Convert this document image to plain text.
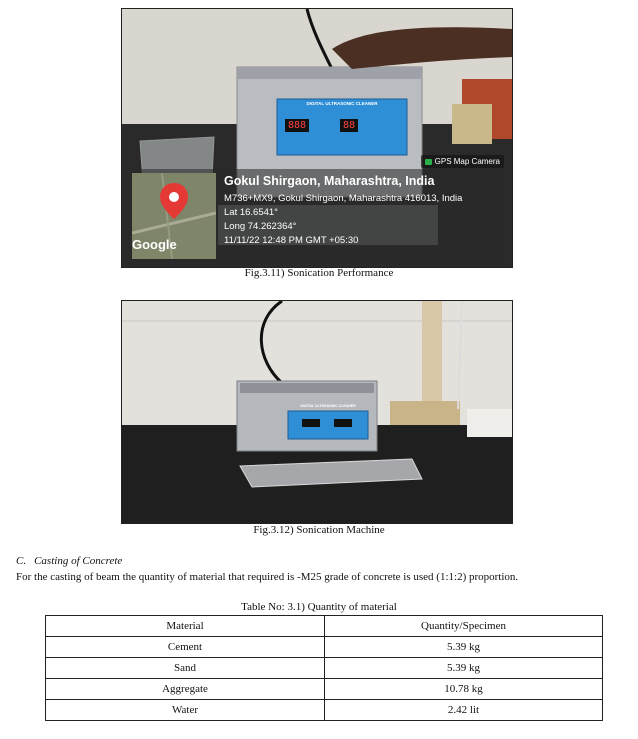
DIGITAL ULTRASONIC CLEANER
888	88
GPS Map Camera
Google
Gokul Shirgaon, Maharashtra, India
M736+MX9, Gokul Shirgaon, Maharashtra 416013, India
Lat 16.6541°
Long 74.262364°
11/11/22 12:48 PM GMT +05:30
Fig.3.11) Sonication Performance
DIGITAL ULTRASONIC CLEANER
Fig.3.12) Sonication Machine
C. Casting of Concrete
For the casting of beam the quantity of material that required is -M25 grade of concrete is used (1:1:2) proportion.
Table No: 3.1) Quantity of material
Material	Quantity/Specimen
Cement	5.39 kg
Sand	5.39 kg
Aggregate	10.78 kg
Water	2.42 lit
